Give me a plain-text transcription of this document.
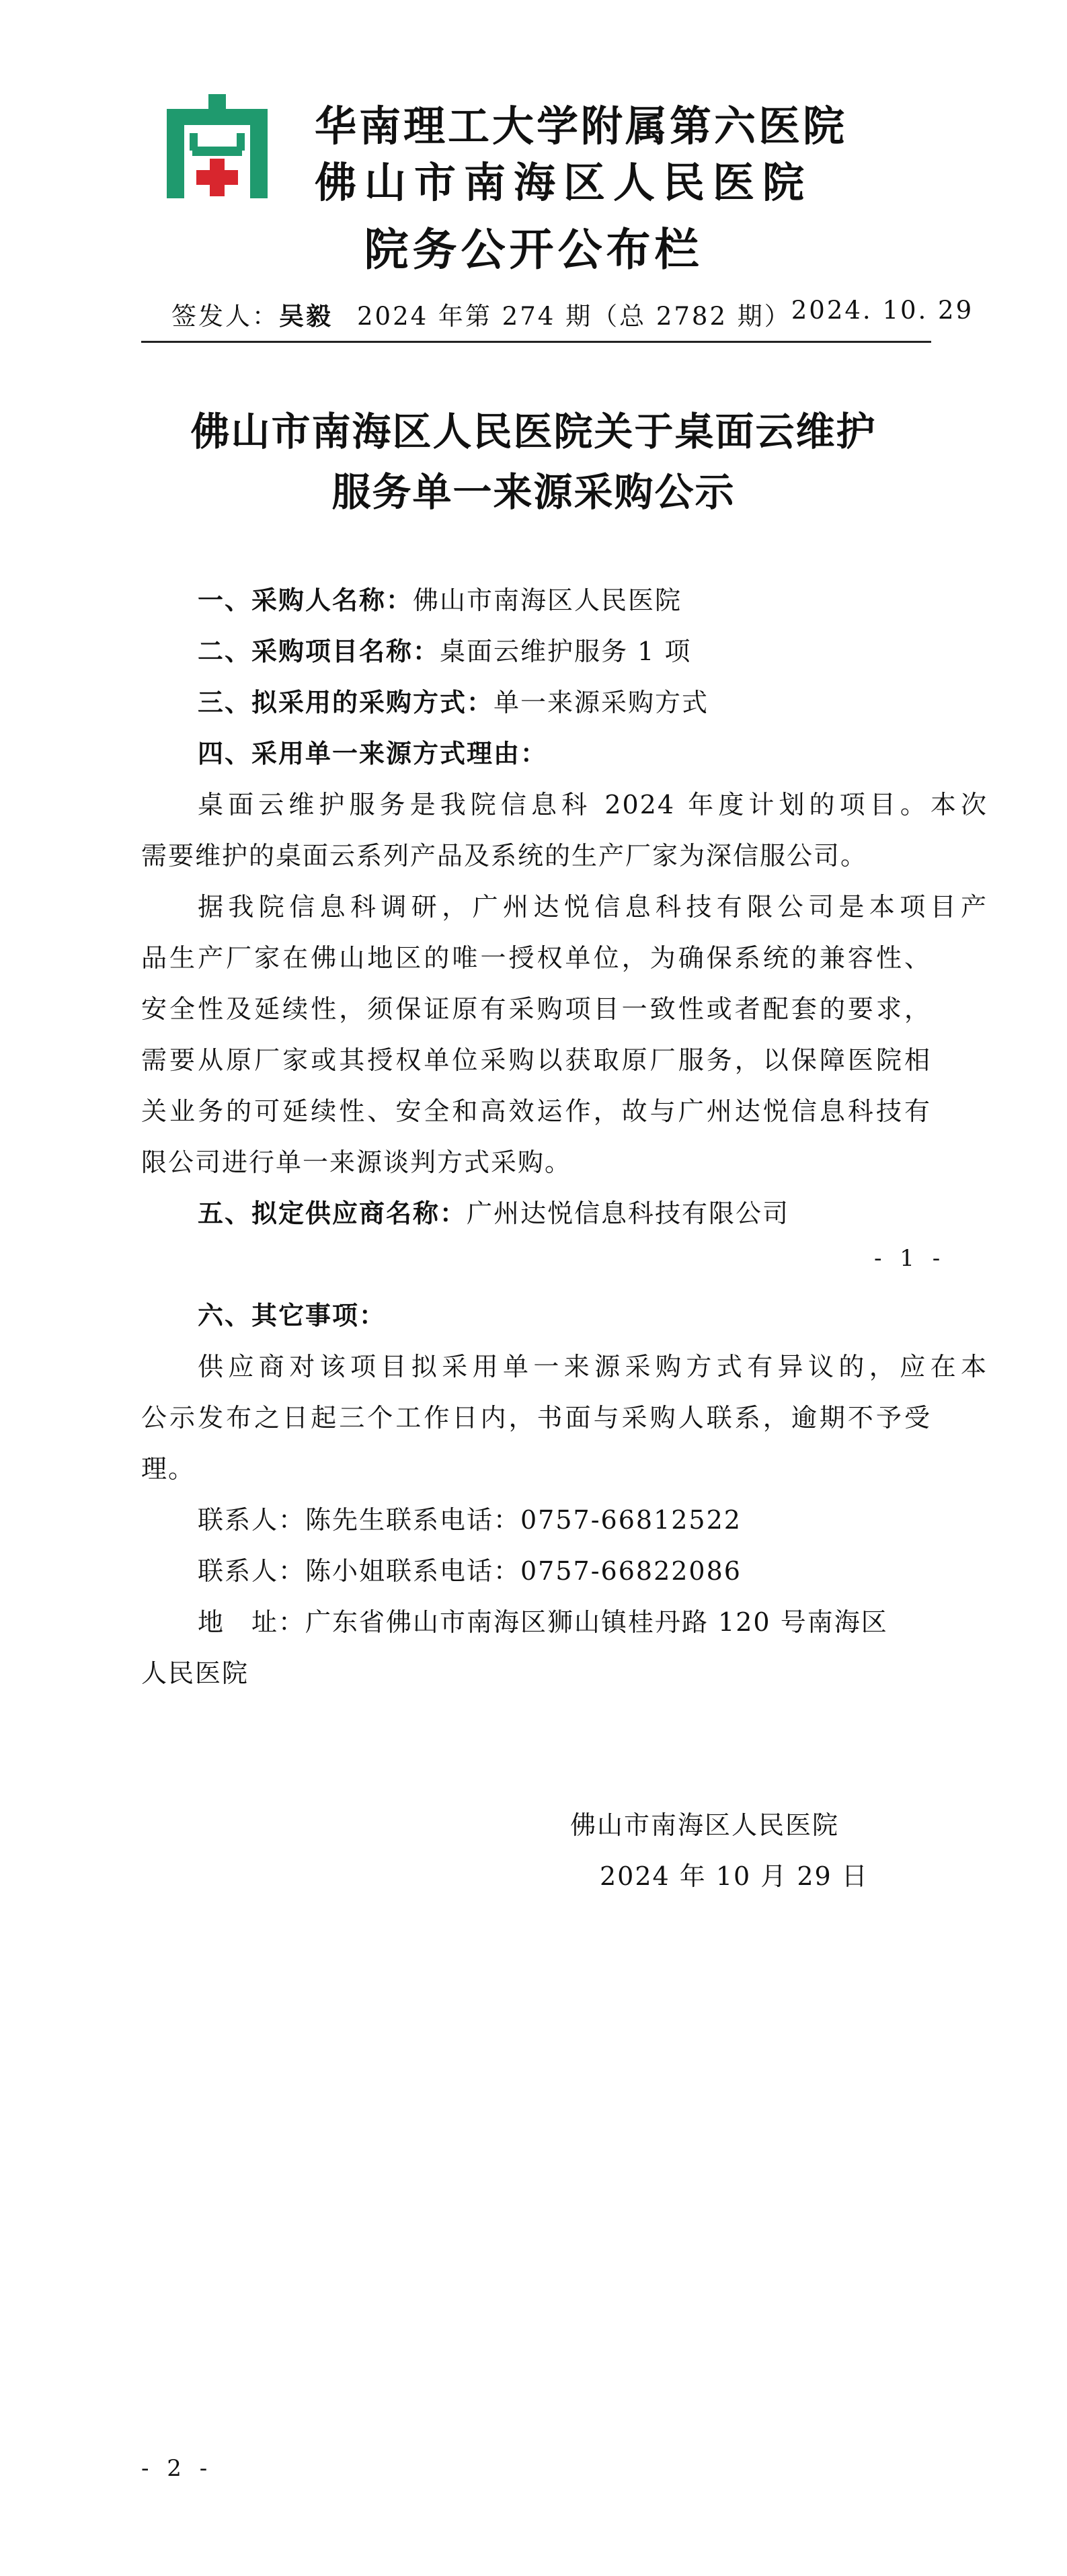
华南理工大学附属第六医院
佛山市南海区人民医院
院务公开公布栏
签发人：吴毅 2024 年第 274 期（总 2782 期） 2024. 10. 29
佛山市南海区人民医院关于桌面云维护
服务单一来源采购公示
一、采购人名称：佛山市南海区人民医院
二、采购项目名称：桌面云维护服务 1 项
三、拟采用的采购方式：单一来源采购方式
四、采用单一来源方式理由：
桌面云维护服务是我院信息科 2024 年度计划的项目。本次
需要维护的桌面云系列产品及系统的生产厂家为深信服公司。
据我院信息科调研，广州达悦信息科技有限公司是本项目产
品生产厂家在佛山地区的唯一授权单位，为确保系统的兼容性、
安全性及延续性，须保证原有采购项目一致性或者配套的要求，
需要从原厂家或其授权单位采购以获取原厂服务，以保障医院相
关业务的可延续性、安全和高效运作，故与广州达悦信息科技有
限公司进行单一来源谈判方式采购。
五、拟定供应商名称：广州达悦信息科技有限公司
- 1 -
六、其它事项：
供应商对该项目拟采用单一来源采购方式有异议的，应在本
公示发布之日起三个工作日内，书面与采购人联系，逾期不予受
理。
联系人：陈先生联系电话：0757-66812522
联系人：陈小姐联系电话：0757-66822086
地　址：广东省佛山市南海区狮山镇桂丹路 120 号南海区
人民医院
佛山市南海区人民医院
2024 年 10 月 29 日
- 2 -
